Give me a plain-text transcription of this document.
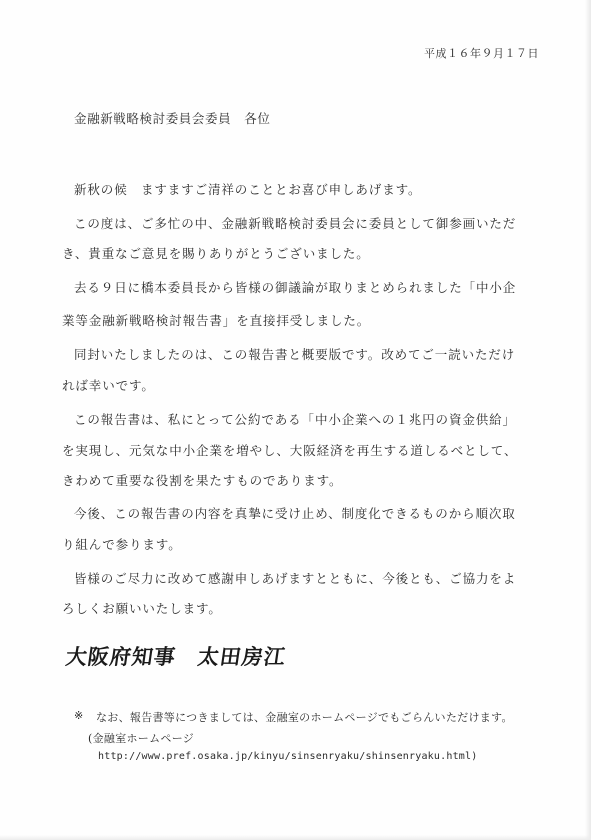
平成１６年９月１７日
金融新戦略検討委員会委員　各位
新秋の候　ますますご清祥のこととお喜び申しあげます。
この度は、ご多忙の中、金融新戦略検討委員会に委員として御参画いただ
き、貴重なご意見を賜りありがとうございました。
去る９日に橋本委員長から皆様の御議論が取りまとめられました「中小企
業等金融新戦略検討報告書」を直接拝受しました。
同封いたしましたのは、この報告書と概要版です。改めてご一読いただけ
れば幸いです。
この報告書は、私にとって公約である「中小企業への１兆円の資金供給」
を実現し、元気な中小企業を増やし、大阪経済を再生する道しるべとして、
きわめて重要な役割を果たすものであります。
今後、この報告書の内容を真摯に受け止め、制度化できるものから順次取
り組んで参ります。
皆様のご尽力に改めて感謝申しあげますとともに、今後とも、ご協力をよ
ろしくお願いいたします。
大阪府知事　太田房江
※ なお、報告書等につきましては、金融室のホームページでもごらんいただけます。
(金融室ホームページ
http://www.pref.osaka.jp/kinyu/sinsenryaku/shinsenryaku.html)
